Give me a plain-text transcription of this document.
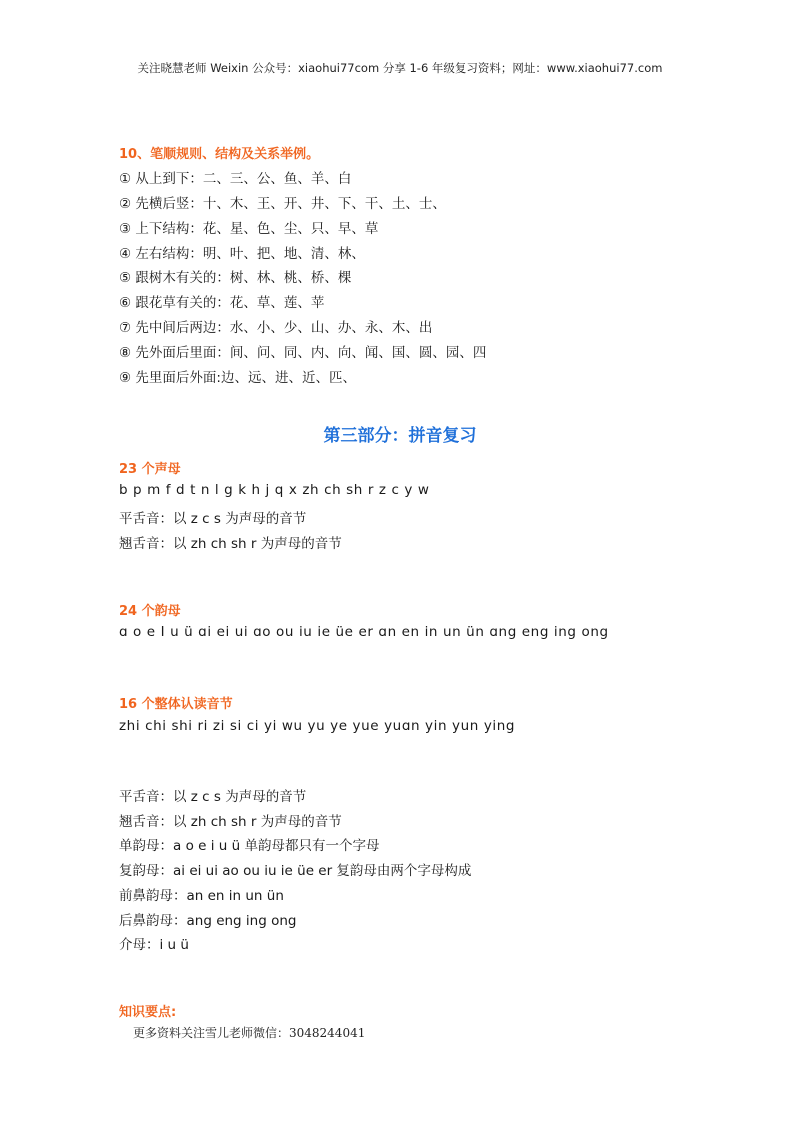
关注晓慧老师 Weixin 公众号：xiaohui77com 分享 1-6 年级复习资料；网址：www.xiaohui77.com
10、笔顺规则、结构及关系举例。
① 从上到下：二、三、公、鱼、羊、白
② 先横后竖：十、木、王、开、井、下、干、土、士、
③ 上下结构：花、星、色、尘、只、早、草
④ 左右结构：明、叶、把、地、清、林、
⑤ 跟树木有关的：树、林、桃、桥、棵
⑥ 跟花草有关的：花、草、莲、苹
⑦ 先中间后两边：水、小、少、山、办、永、木、出
⑧ 先外面后里面：间、问、同、内、向、闻、国、圆、园、四
⑨ 先里面后外面:边、远、进、近、匹、
第三部分：拼音复习
23 个声母
b p m f d t n l g k h j q x zh ch sh r z c y w
平舌音：以 z c s 为声母的音节
翘舌音：以 zh ch sh r 为声母的音节
24 个韵母
ɑ o e I u ü ɑi ei ui ɑo ou iu ie üe er ɑn en in un ün ɑng eng ing ong
16 个整体认读音节
zhi chi shi ri zi si ci yi wu yu ye yue yuɑn yin yun ying
平舌音：以 z c s 为声母的音节
翘舌音：以 zh ch sh r 为声母的音节
单韵母：a o e i u ü 单韵母都只有一个字母
复韵母：ai ei ui ao ou iu ie üe er 复韵母由两个字母构成
前鼻韵母：an en in un ün
后鼻韵母：ang eng ing ong
介母：i u ü
知识要点:
更多资料关注雪儿老师微信：3048244041
